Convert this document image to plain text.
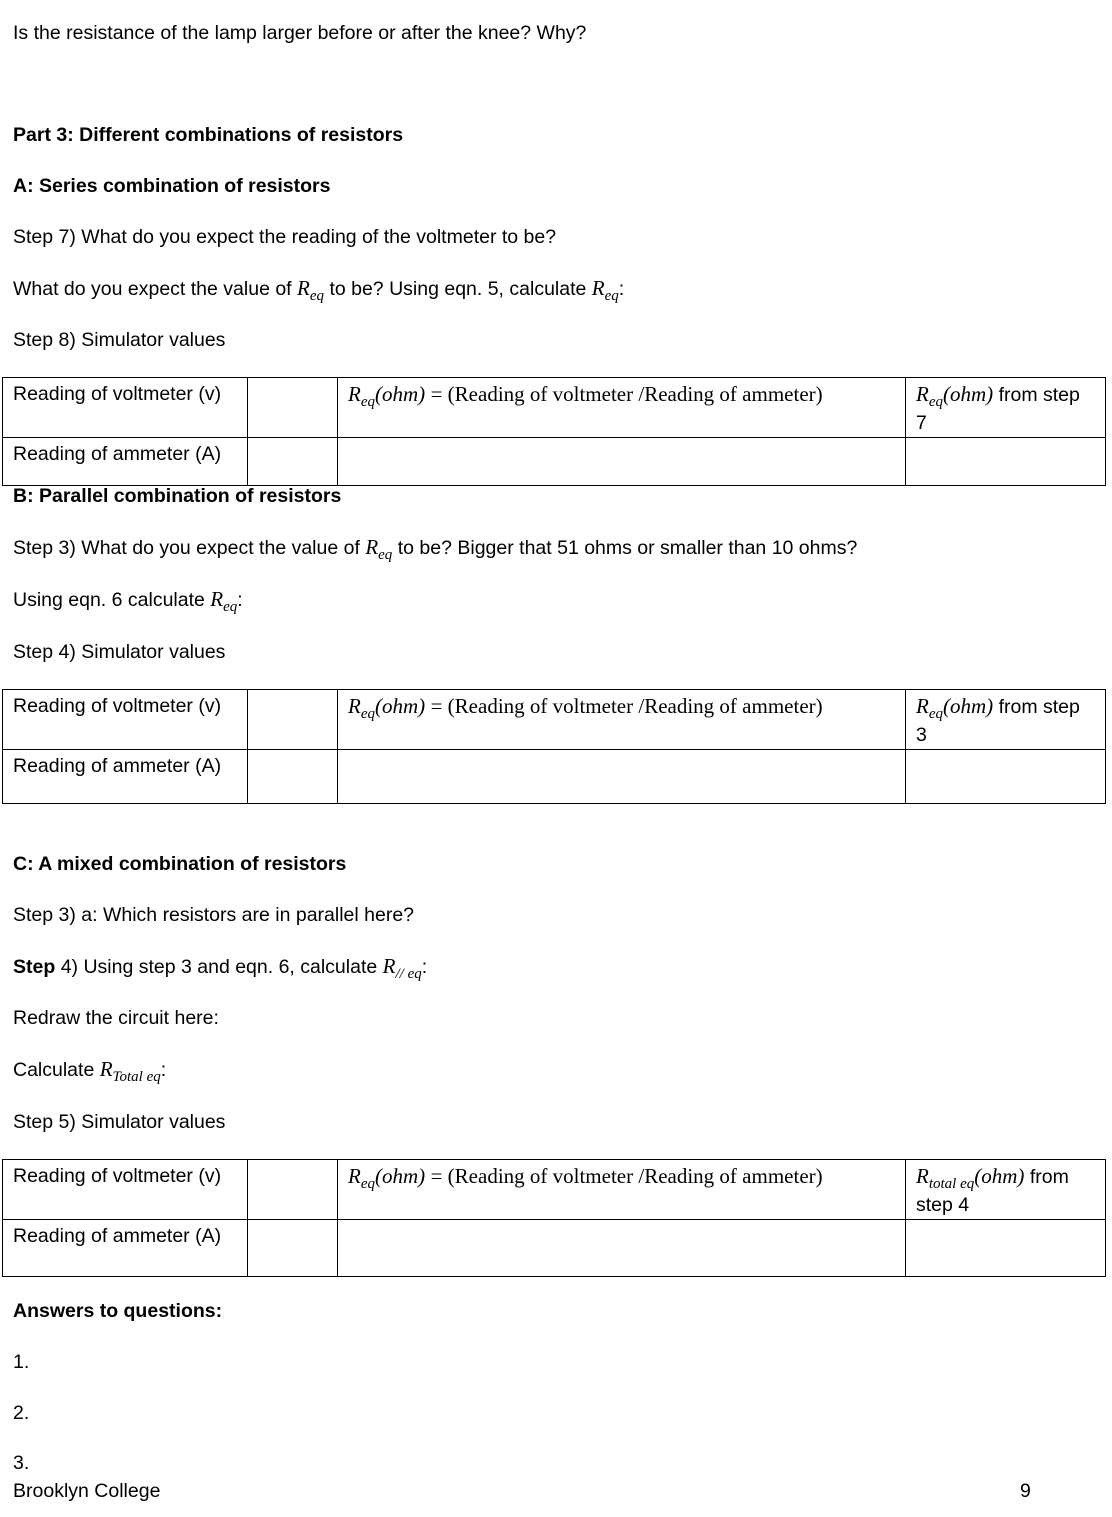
Is the resistance of the lamp larger before or after the knee? Why?
Part 3: Different combinations of resistors
A: Series combination of resistors
Step 7) What do you expect the reading of the voltmeter to be?
What do you expect the value of $R_{eq}$ to be? Using eqn. 5, calculate $R_{eq}$:
Step 8) Simulator values
Reading of voltmeter (v)		$R_{eq}(ohm)$ = (Reading of voltmeter /Reading of ammeter)	$R_{eq}(ohm)$ from step 7
Reading of ammeter (A)			
B: Parallel combination of resistors
Step 3) What do you expect the value of $R_{eq}$ to be? Bigger that 51 ohms or smaller than 10 ohms?
Using eqn. 6 calculate $R_{eq}$:
Step 4) Simulator values
Reading of voltmeter (v)		$R_{eq}(ohm)$ = (Reading of voltmeter /Reading of ammeter)	$R_{eq}(ohm)$ from step 3
Reading of ammeter (A)			
C: A mixed combination of resistors
Step 3) a: Which resistors are in parallel here?
Step 4) Using step 3 and eqn. 6, calculate $R_{// eq}$:
Redraw the circuit here:
Calculate $R_{Total eq}$:
Step 5) Simulator values
Reading of voltmeter (v)		$R_{eq}(ohm)$ = (Reading of voltmeter /Reading of ammeter)	$R_{total eq}(ohm)$ from step 4
Reading of ammeter (A)			
Answers to questions:
1.
2.
3.
Brooklyn College	9
